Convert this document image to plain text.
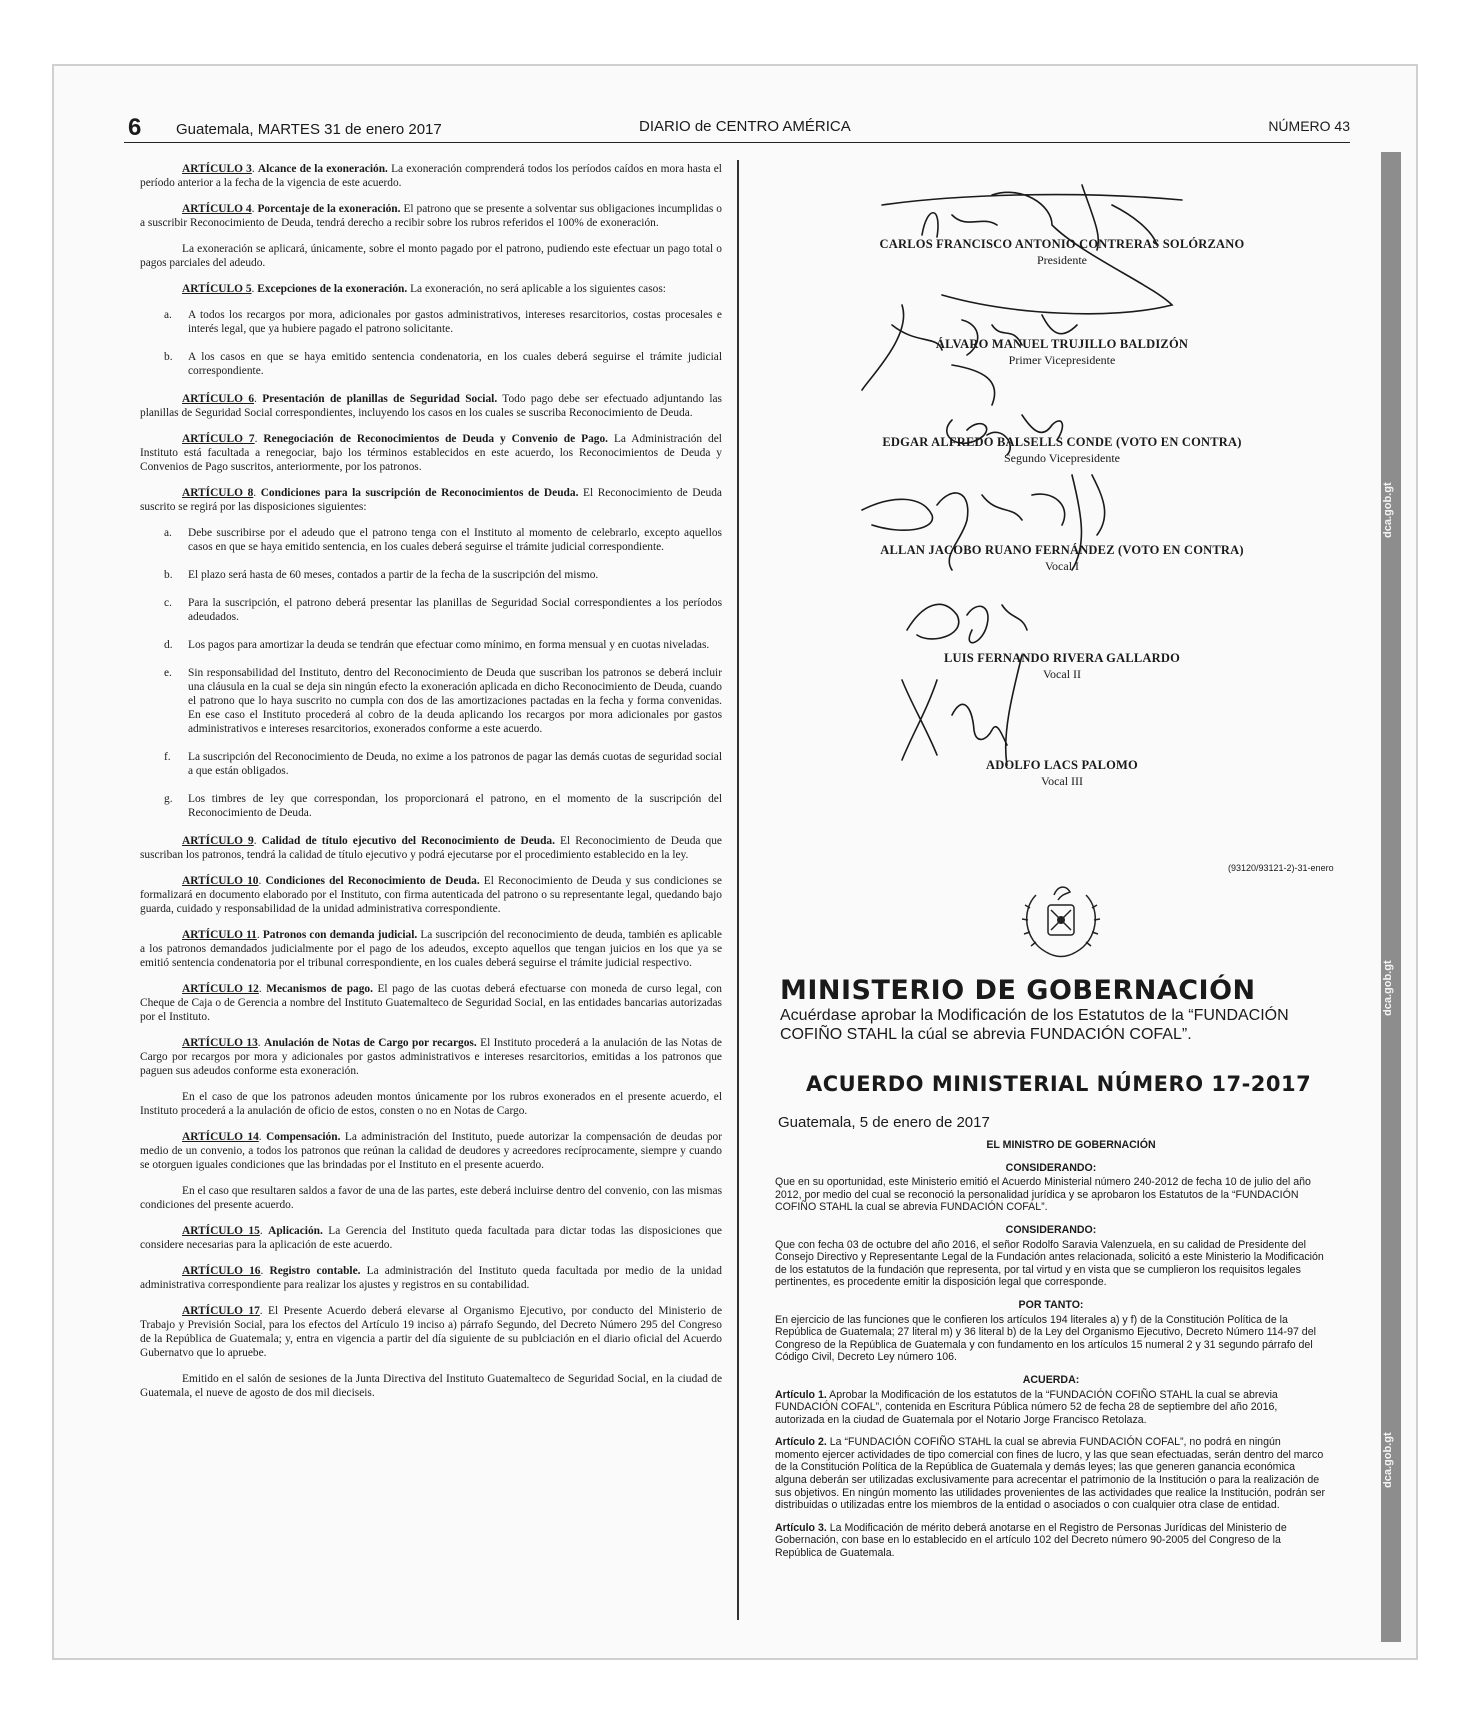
dca.gob.gt
dca.gob.gt
dca.gob.gt
6 Guatemala, MARTES 31 de enero 2017	DIARIO de CENTRO AMÉRICA	NÚMERO 43

ARTÍCULO 3. Alcance de la exoneración. La exoneración comprenderá todos los períodos caídos en mora hasta el período anterior a la fecha de la vigencia de este acuerdo.

ARTÍCULO 4. Porcentaje de la exoneración. El patrono que se presente a solventar sus obligaciones incumplidas o a suscribir Reconocimiento de Deuda, tendrá derecho a recibir sobre los rubros referidos el 100% de exoneración.

La exoneración se aplicará, únicamente, sobre el monto pagado por el patrono, pudiendo este efectuar un pago total o pagos parciales del adeudo.

ARTÍCULO 5. Excepciones de la exoneración. La exoneración, no será aplicable a los siguientes casos:

a.	A todos los recargos por mora, adicionales por gastos administrativos, intereses resarcitorios, costas procesales e interés legal, que ya hubiere pagado el patrono solicitante.
b.	A los casos en que se haya emitido sentencia condenatoria, en los cuales deberá seguirse el trámite judicial correspondiente.

ARTÍCULO 6. Presentación de planillas de Seguridad Social. Todo pago debe ser efectuado adjuntando las planillas de Seguridad Social correspondientes, incluyendo los casos en los cuales se suscriba Reconocimiento de Deuda.

ARTÍCULO 7. Renegociación de Reconocimientos de Deuda y Convenio de Pago. La Administración del Instituto está facultada a renegociar, bajo los términos establecidos en este acuerdo, los Reconocimientos de Deuda y Convenios de Pago suscritos, anteriormente, por los patronos.

ARTÍCULO 8. Condiciones para la suscripción de Reconocimientos de Deuda. El Reconocimiento de Deuda suscrito se regirá por las disposiciones siguientes:

a.	Debe suscribirse por el adeudo que el patrono tenga con el Instituto al momento de celebrarlo, excepto aquellos casos en que se haya emitido sentencia, en los cuales deberá seguirse el trámite judicial correspondiente.
b.	El plazo será hasta de 60 meses, contados a partir de la fecha de la suscripción del mismo.
c.	Para la suscripción, el patrono deberá presentar las planillas de Seguridad Social correspondientes a los períodos adeudados.
d.	Los pagos para amortizar la deuda se tendrán que efectuar como mínimo, en forma mensual y en cuotas niveladas.
e.	Sin responsabilidad del Instituto, dentro del Reconocimiento de Deuda que suscriban los patronos se deberá incluir una cláusula en la cual se deja sin ningún efecto la exoneración aplicada en dicho Reconocimiento de Deuda, cuando el patrono que lo haya suscrito no cumpla con dos de las amortizaciones pactadas en la fecha y forma convenidas. En ese caso el Instituto procederá al cobro de la deuda aplicando los recargos por mora adicionales por gastos administrativos e intereses resarcitorios, exonerados conforme a este acuerdo.
f.	La suscripción del Reconocimiento de Deuda, no exime a los patronos de pagar las demás cuotas de seguridad social a que están obligados.
g.	Los timbres de ley que correspondan, los proporcionará el patrono, en el momento de la suscripción del Reconocimiento de Deuda.

ARTÍCULO 9. Calidad de título ejecutivo del Reconocimiento de Deuda. El Reconocimiento de Deuda que suscriban los patronos, tendrá la calidad de título ejecutivo y podrá ejecutarse por el procedimiento establecido en la ley.

ARTÍCULO 10. Condiciones del Reconocimiento de Deuda. El Reconocimiento de Deuda y sus condiciones se formalizará en documento elaborado por el Instituto, con firma autenticada del patrono o su representante legal, quedando bajo guarda, cuidado y responsabilidad de la unidad administrativa correspondiente.

ARTÍCULO 11. Patronos con demanda judicial. La suscripción del reconocimiento de deuda, también es aplicable a los patronos demandados judicialmente por el pago de los adeudos, excepto aquellos que tengan juicios en los que ya se emitió sentencia condenatoria por el tribunal correspondiente, en los cuales deberá seguirse el trámite judicial respectivo.

ARTÍCULO 12. Mecanismos de pago. El pago de las cuotas deberá efectuarse con moneda de curso legal, con Cheque de Caja o de Gerencia a nombre del Instituto Guatemalteco de Seguridad Social, en las entidades bancarias autorizadas por el Instituto.

ARTÍCULO 13. Anulación de Notas de Cargo por recargos. El Instituto procederá a la anulación de las Notas de Cargo por recargos por mora y adicionales por gastos administrativos e intereses resarcitorios, emitidas a los patronos que paguen sus adeudos conforme esta exoneración.

En el caso de que los patronos adeuden montos únicamente por los rubros exonerados en el presente acuerdo, el Instituto procederá a la anulación de oficio de estos, consten o no en Notas de Cargo.

ARTÍCULO 14. Compensación. La administración del Instituto, puede autorizar la compensación de deudas por medio de un convenio, a todos los patronos que reúnan la calidad de deudores y acreedores recíprocamente, siempre y cuando se otorguen iguales condiciones que las brindadas por el Instituto en el presente acuerdo.

En el caso que resultaren saldos a favor de una de las partes, este deberá incluirse dentro del convenio, con las mismas condiciones del presente acuerdo.

ARTÍCULO 15. Aplicación. La Gerencia del Instituto queda facultada para dictar todas las disposiciones que considere necesarias para la aplicación de este acuerdo.

ARTÍCULO 16. Registro contable. La administración del Instituto queda facultada por medio de la unidad administrativa correspondiente para realizar los ajustes y registros en su contabilidad.

ARTÍCULO 17. El Presente Acuerdo deberá elevarse al Organismo Ejecutivo, por conducto del Ministerio de Trabajo y Previsión Social, para los efectos del Artículo 19 inciso a) párrafo Segundo, del Decreto Número 295 del Congreso de la República de Guatemala; y, entra en vigencia a partir del día siguiente de su publciación en el diario oficial del Acuerdo Gubernatvo que lo apruebe.

Emitido en el salón de sesiones de la Junta Directiva del Instituto Guatemalteco de Seguridad Social, en la ciudad de Guatemala, el nueve de agosto de dos mil dieciseis.

CARLOS FRANCISCO ANTONIO CONTRERAS SOLÓRZANO
Presidente
ÁLVARO MANUEL TRUJILLO BALDIZÓN
Primer Vicepresidente
EDGAR ALFREDO BALSELLS CONDE (VOTO EN CONTRA)
Segundo Vicepresidente
ALLAN JACOBO RUANO FERNÁNDEZ (VOTO EN CONTRA)
Vocal I
LUIS FERNANDO RIVERA GALLARDO
Vocal II
ADOLFO LACS PALOMO
Vocal III
(93120/93121-2)-31-enero
MINISTERIO DE GOBERNACIÓN
Acuérdase aprobar la Modificación de los Estatutos de la “FUNDACIÓN COFIÑO STAHL la cúal se abrevia FUNDACIÓN COFAL”.
ACUERDO MINISTERIAL NÚMERO 17-2017
Guatemala, 5 de enero de 2017

EL MINISTRO DE GOBERNACIÓN

CONSIDERANDO:

Que en su oportunidad, este Ministerio emitió el Acuerdo Ministerial número 240-2012 de fecha 10 de julio del año 2012, por medio del cual se reconoció la personalidad jurídica y se aprobaron los Estatutos de la “FUNDACIÓN COFIÑO STAHL la cual se abrevia FUNDACIÓN COFAL”.

CONSIDERANDO:

Que con fecha 03 de octubre del año 2016, el señor Rodolfo Saravia Valenzuela, en su calidad de Presidente del Consejo Directivo y Representante Legal de la Fundación antes relacionada, solicitó a este Ministerio la Modificación de los estatutos de la fundación que representa, por tal virtud y en vista que se cumplieron los requisitos legales pertinentes, es procedente emitir la disposición legal que corresponde.

POR TANTO:

En ejercicio de las funciones que le confieren los artículos 194 literales a) y f) de la Constitución Política de la República de Guatemala; 27 literal m) y 36 literal b) de la Ley del Organismo Ejecutivo, Decreto Número 114-97 del Congreso de la República de Guatemala y con fundamento en los artículos 15 numeral 2 y 31 segundo párrafo del Código Civil, Decreto Ley número 106.

ACUERDA:

Artículo 1. Aprobar la Modificación de los estatutos de la “FUNDACIÓN COFIÑO STAHL la cual se abrevia FUNDACIÓN COFAL”, contenida en Escritura Pública número 52 de fecha 28 de septiembre del año 2016, autorizada en la ciudad de Guatemala por el Notario Jorge Francisco Retolaza.

Artículo 2. La “FUNDACIÓN COFIÑO STAHL la cual se abrevia FUNDACIÓN COFAL”, no podrá en ningún momento ejercer actividades de tipo comercial con fines de lucro, y las que sean efectuadas, serán dentro del marco de la Constitución Política de la República de Guatemala y demás leyes; las que generen ganancia económica alguna deberán ser utilizadas exclusivamente para acrecentar el patrimonio de la Institución o para la realización de sus objetivos. En ningún momento las utilidades provenientes de las actividades que realice la Institución, podrán ser distribuidas o utilizadas entre los miembros de la entidad o asociados o con cualquier otra clase de entidad.

Artículo 3. La Modificación de mérito deberá anotarse en el Registro de Personas Jurídicas del Ministerio de Gobernación, con base en lo establecido en el artículo 102 del Decreto número 90-2005 del Congreso de la República de Guatemala.
